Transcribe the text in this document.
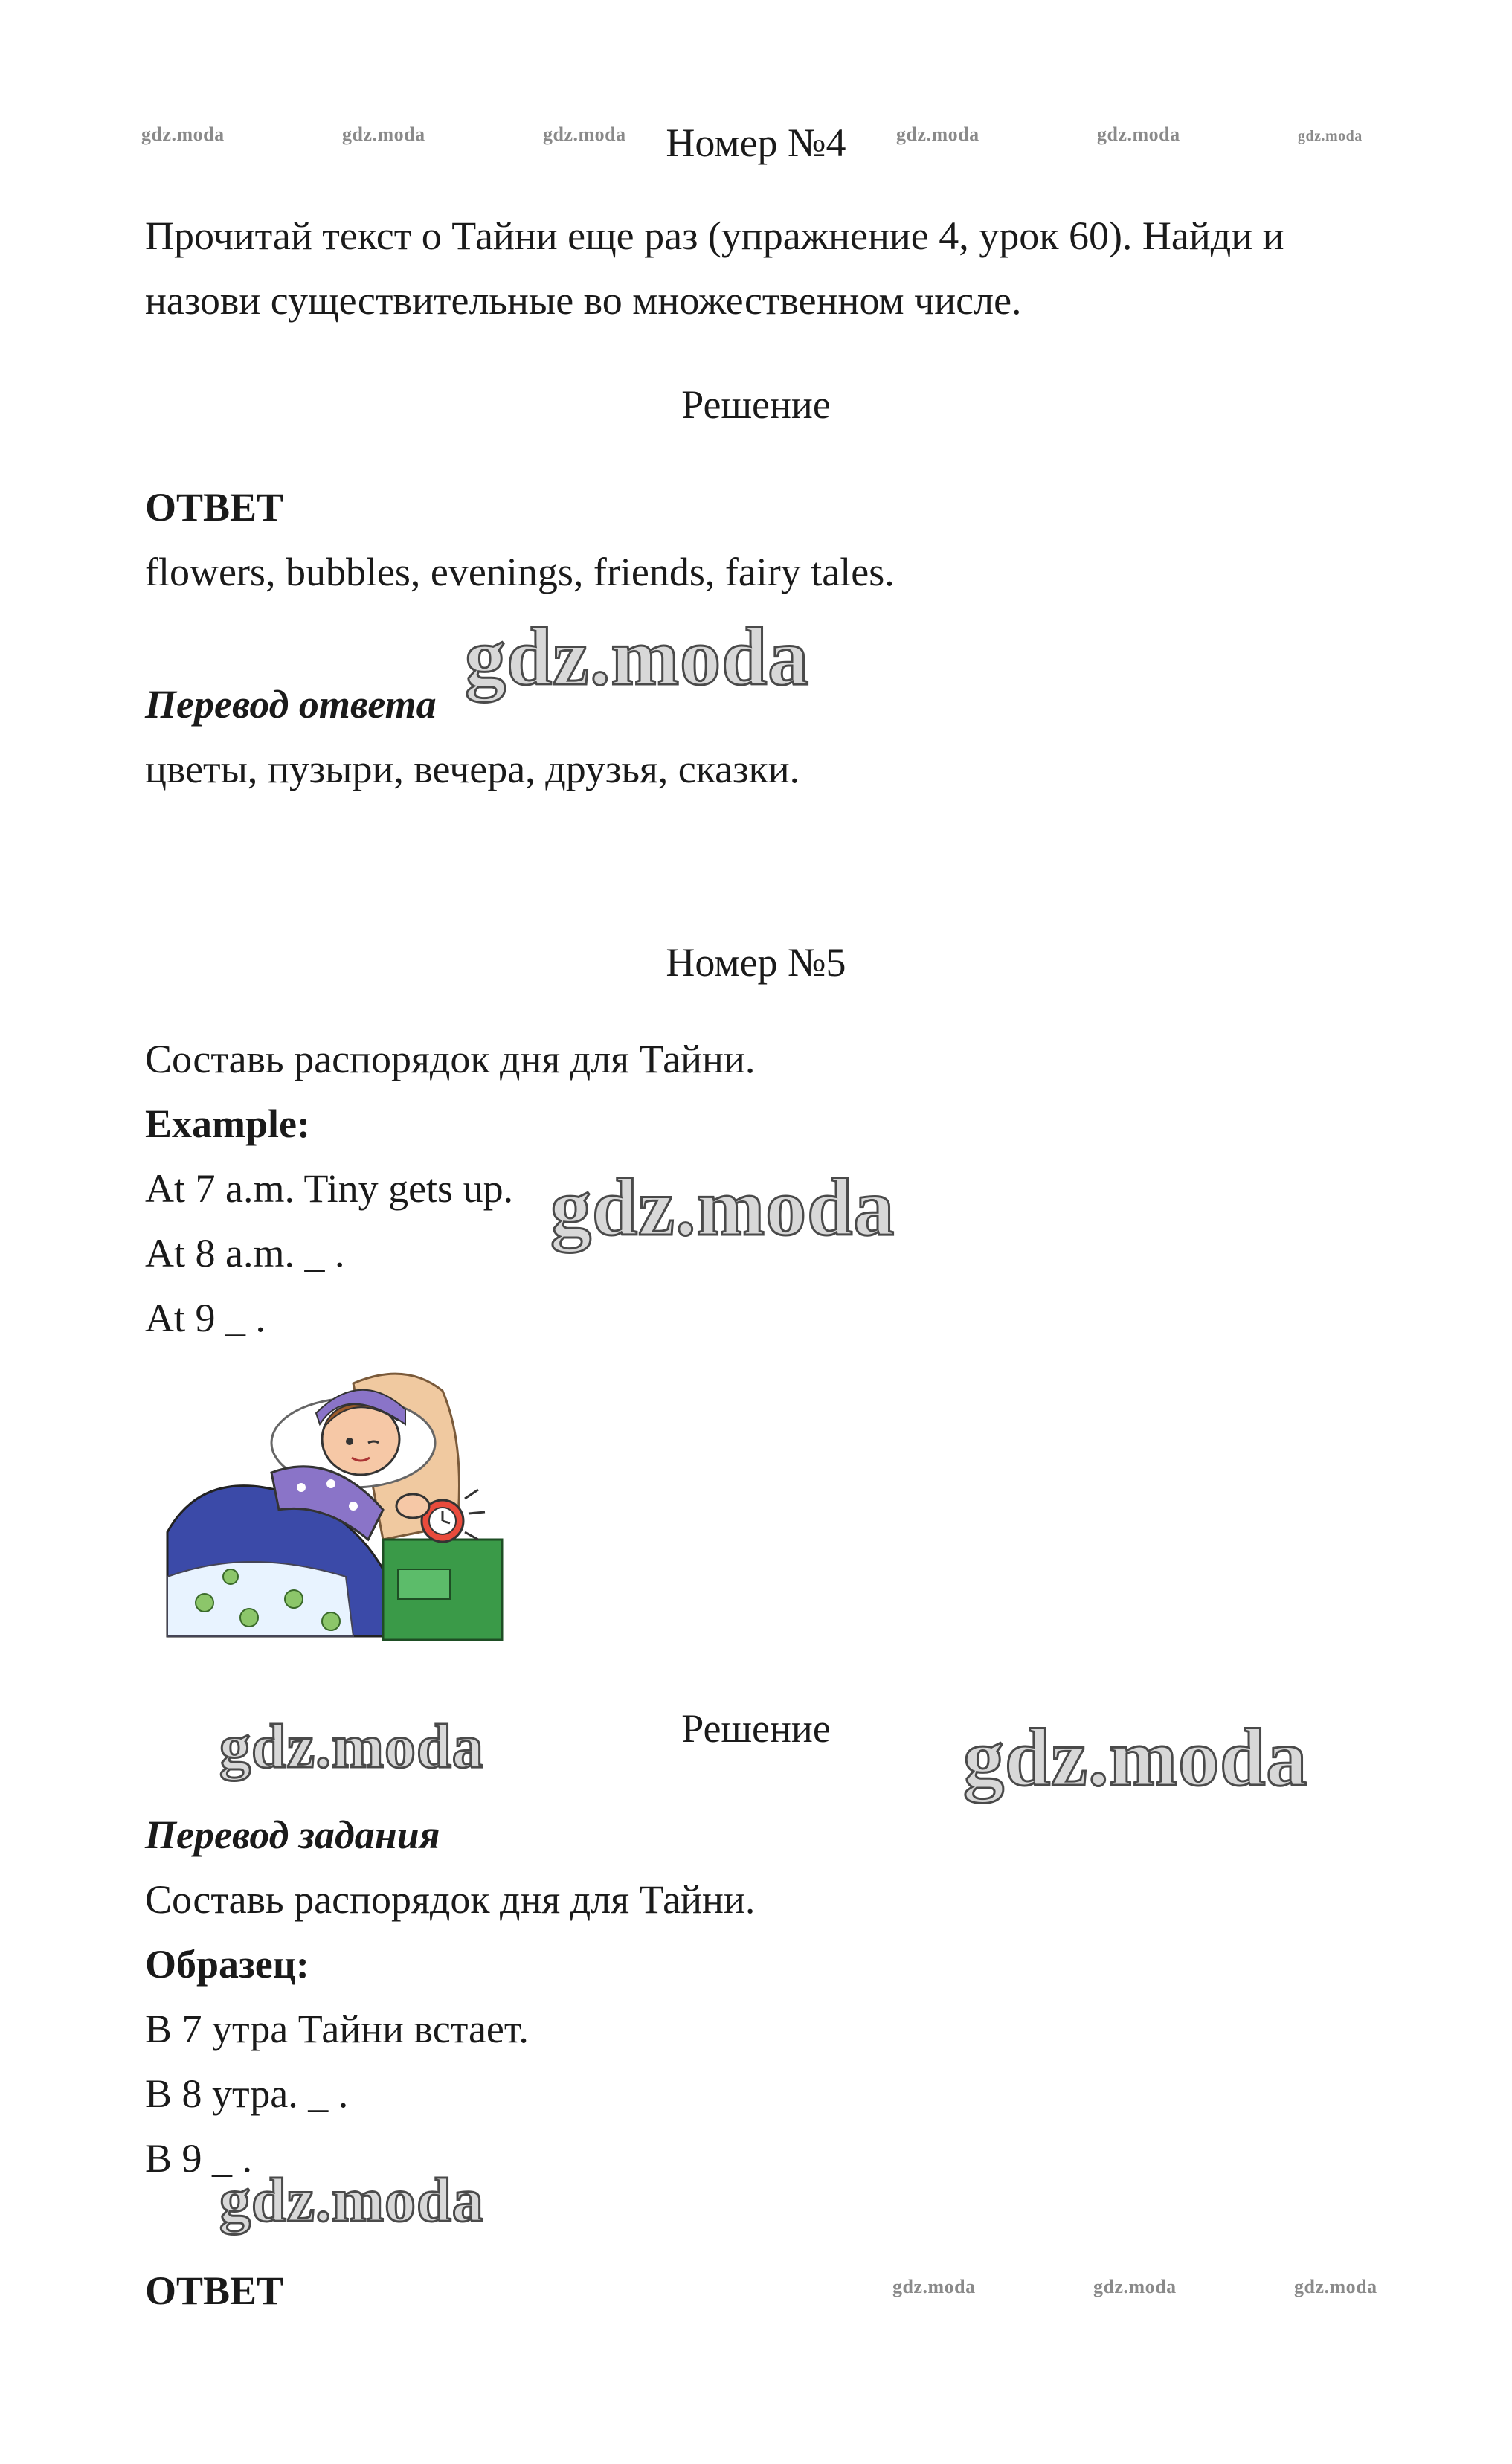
gdz.moda	gdz.moda	gdz.moda	gdz.moda	gdz.moda	gdz.moda
Номер №4
Прочитай текст о Тайни еще раз (упражнение 4, урок 60). Найди и
назови существительные во множественном числе.
Решение
ОТВЕТ
flowers, bubbles, evenings, friends, fairy tales.
gdz.moda
Перевод ответа
цветы, пузыри, вечера, друзья, сказки.
Номер №5
Составь распорядок дня для Тайни.
Example:
At 7 a.m. Tiny gets up.
At 8 a.m. _ .
At 9 _ .
gdz.moda
Решение
gdz.moda	gdz.moda
Перевод задания
Составь распорядок дня для Тайни.
Образец:
В 7 утра Тайни встает.
В 8 утра. _ .
В 9 _ .
gdz.moda
ОТВЕТ	gdz.moda	gdz.moda	gdz.moda
